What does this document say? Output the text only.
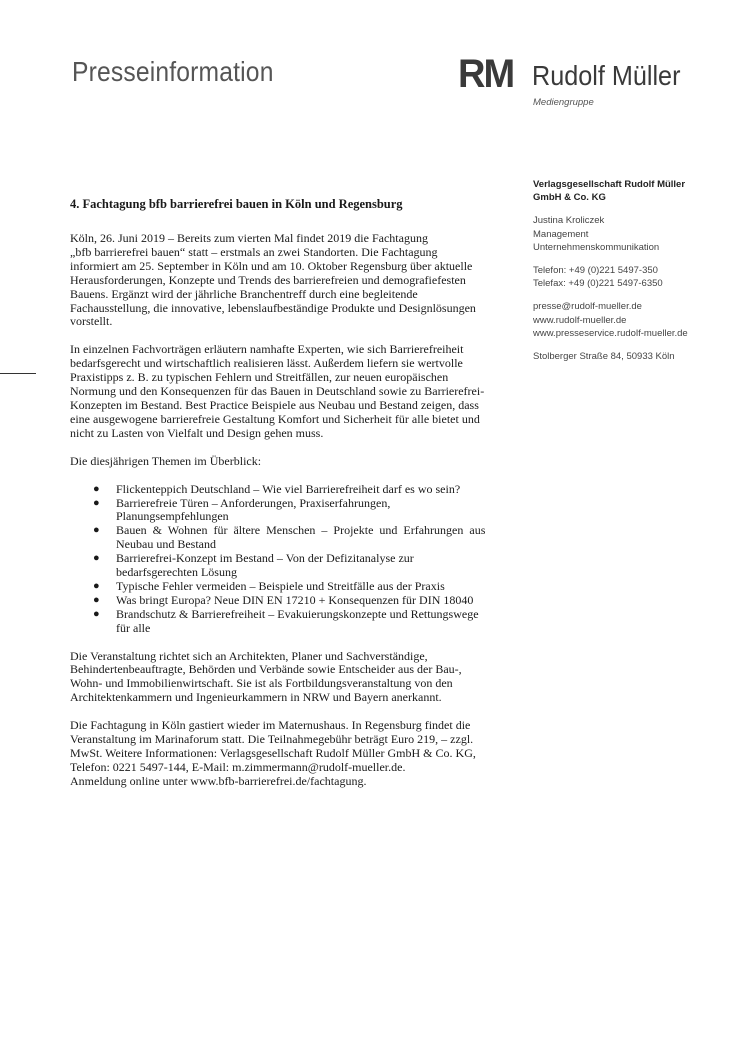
Presseinformation	RM Rudolf Müller
Mediengruppe
Verlagsgesellschaft Rudolf Müller
GmbH & Co. KG
Justina Kroliczek
Management
Unternehmenskommunikation
Telefon: +49 (0)221 5497-350
Telefax: +49 (0)221 5497-6350
presse@rudolf-mueller.de
www.rudolf-mueller.de
www.presseservice.rudolf-mueller.de
Stolberger Straße 84, 50933 Köln
4. Fachtagung bfb barrierefrei bauen in Köln und Regensburg

Köln, 26. Juni 2019 – Bereits zum vierten Mal findet 2019 die Fachtagung
„bfb barrierefrei bauen“ statt – erstmals an zwei Standorten. Die Fachtagung
informiert am 25. September in Köln und am 10. Oktober Regensburg über aktuelle
Herausforderungen, Konzepte und Trends des barrierefreien und demografiefesten
Bauens. Ergänzt wird der jährliche Branchentreff durch eine begleitende
Fachausstellung, die innovative, lebenslaufbeständige Produkte und Designlösungen
vorstellt.

In einzelnen Fachvorträgen erläutern namhafte Experten, wie sich Barrierefreiheit
bedarfsgerecht und wirtschaftlich realisieren lässt. Außerdem liefern sie wertvolle
Praxistipps z. B. zu typischen Fehlern und Streitfällen, zur neuen europäischen
Normung und den Konsequenzen für das Bauen in Deutschland sowie zu Barrierefrei-
Konzepten im Bestand. Best Practice Beispiele aus Neubau und Bestand zeigen, dass
eine ausgewogene barrierefreie Gestaltung Komfort und Sicherheit für alle bietet und
nicht zu Lasten von Vielfalt und Design gehen muss.

Die diesjährigen Themen im Überblick:

● Flickenteppich Deutschland – Wie viel Barrierefreiheit darf es wo sein?
● Barrierefreie Türen – Anforderungen, Praxiserfahrungen,
Planungsempfehlungen
● Bauen & Wohnen für ältere Menschen – Projekte und Erfahrungen aus
Neubau und Bestand
● Barrierefrei-Konzept im Bestand – Von der Defizitanalyse zur
bedarfsgerechten Lösung
● Typische Fehler vermeiden – Beispiele und Streitfälle aus der Praxis
● Was bringt Europa? Neue DIN EN 17210 + Konsequenzen für DIN 18040
● Brandschutz & Barrierefreiheit – Evakuierungskonzepte und Rettungswege
für alle

Die Veranstaltung richtet sich an Architekten, Planer und Sachverständige,
Behindertenbeauftragte, Behörden und Verbände sowie Entscheider aus der Bau-,
Wohn- und Immobilienwirtschaft. Sie ist als Fortbildungsveranstaltung von den
Architektenkammern und Ingenieurkammern in NRW und Bayern anerkannt.

Die Fachtagung in Köln gastiert wieder im Maternushaus. In Regensburg findet die
Veranstaltung im Marinaforum statt. Die Teilnahmegebühr beträgt Euro 219, – zzgl.
MwSt. Weitere Informationen: Verlagsgesellschaft Rudolf Müller GmbH & Co. KG,
Telefon: 0221 5497-144, E-Mail: m.zimmermann@rudolf-mueller.de.
Anmeldung online unter www.bfb-barrierefrei.de/fachtagung.
